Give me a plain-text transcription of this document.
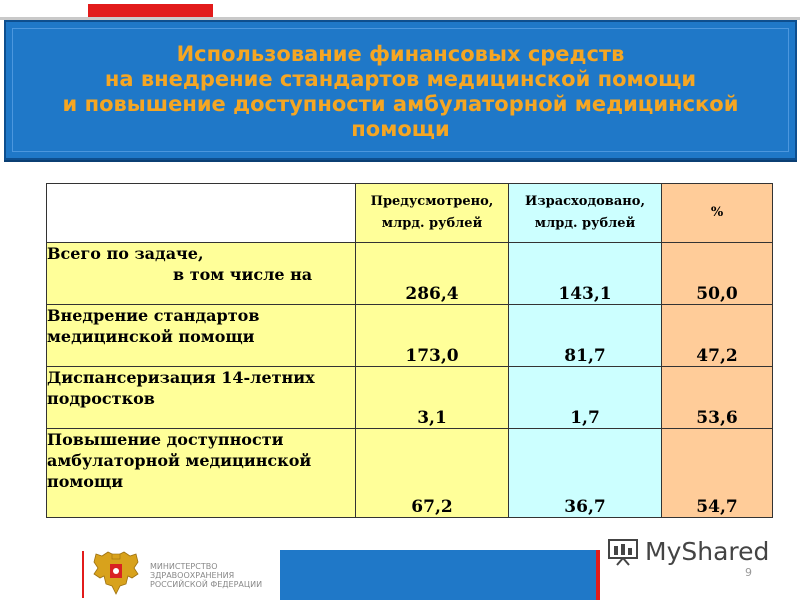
Использование финансовых средств
на внедрение стандартов медицинской помощи
и повышение доступности амбулаторной медицинской
помощи
	Предусмотрено, млрд. рублей	Израсходовано, млрд. рублей	%
Всего по задаче,
в том числе на	286,4	143,1	50,0
Внедрение стандартов медицинской помощи	173,0	81,7	47,2
Диспансеризация 14-летних подростков	3,1	1,7	53,6
Повышение доступности амбулаторной медицинской помощи	67,2	36,7	54,7
МИНИСТЕРСТВО
ЗДРАВООХРАНЕНИЯ
РОССИЙСКОЙ ФЕДЕРАЦИИ
MyShared
9
